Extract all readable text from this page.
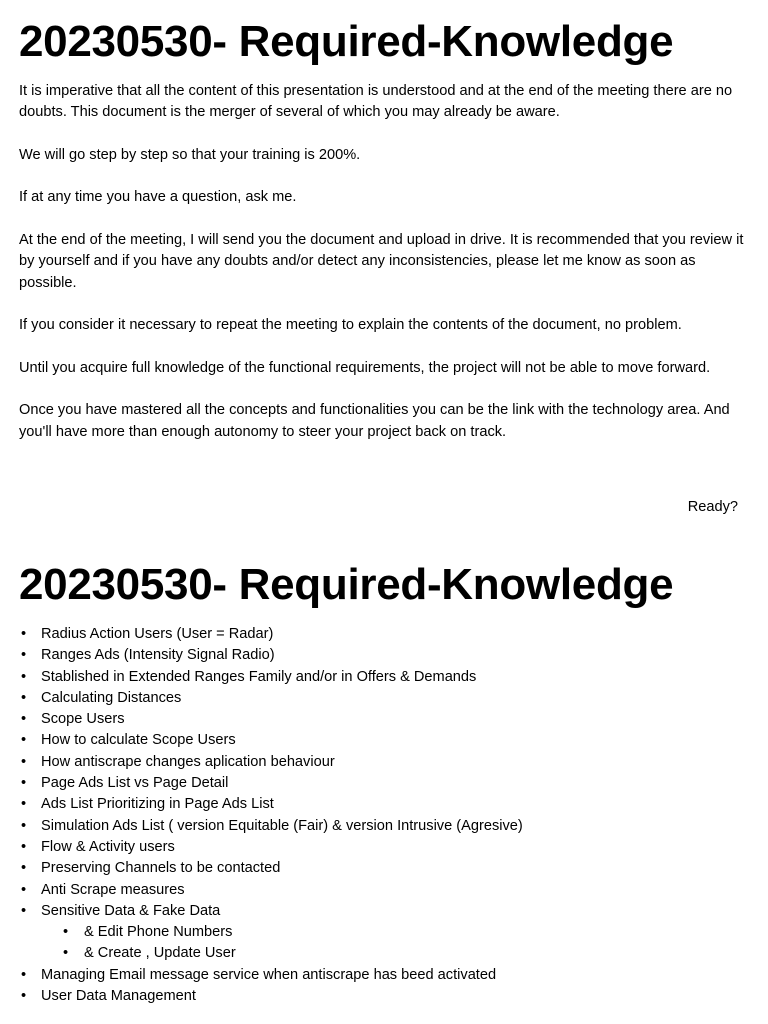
20230530- Required-Knowledge

It is imperative that all the content of this presentation is understood and at the end of the meeting there are no doubts. This document is the merger of several of which you may already be aware.

We will go step by step so that your training is 200%.

If at any time you have a question, ask me.

At the end of the meeting, I will send you the document and upload in drive. It is recommended that you review it by yourself and if you have any doubts and/or detect any inconsistencies, please let me know as soon as possible.

If you consider it necessary to repeat the meeting to explain the contents of the document, no problem.

Until you acquire full knowledge of the functional requirements, the project will not be able to move forward.

Once you have mastered all the concepts and functionalities you can be the link with the technology area. And you'll have more than enough autonomy to steer your project back on track.

Ready?
20230530- Required-Knowledge
• Radius Action Users (User = Radar)
• Ranges Ads (Intensity Signal Radio)
• Stablished in Extended Ranges Family and/or in Offers & Demands
• Calculating Distances
• Scope Users
• How to calculate Scope Users
• How antiscrape changes aplication behaviour
• Page Ads List vs Page Detail
• Ads List Prioritizing in Page Ads List
• Simulation Ads List ( version Equitable (Fair) & version Intrusive (Agresive)
• Flow & Activity users
• Preserving Channels to be contacted
• Anti Scrape measures
• Sensitive Data & Fake Data
• & Edit Phone Numbers
• & Create , Update User
• Managing Email message service when antiscrape has beed activated
• User Data Management
